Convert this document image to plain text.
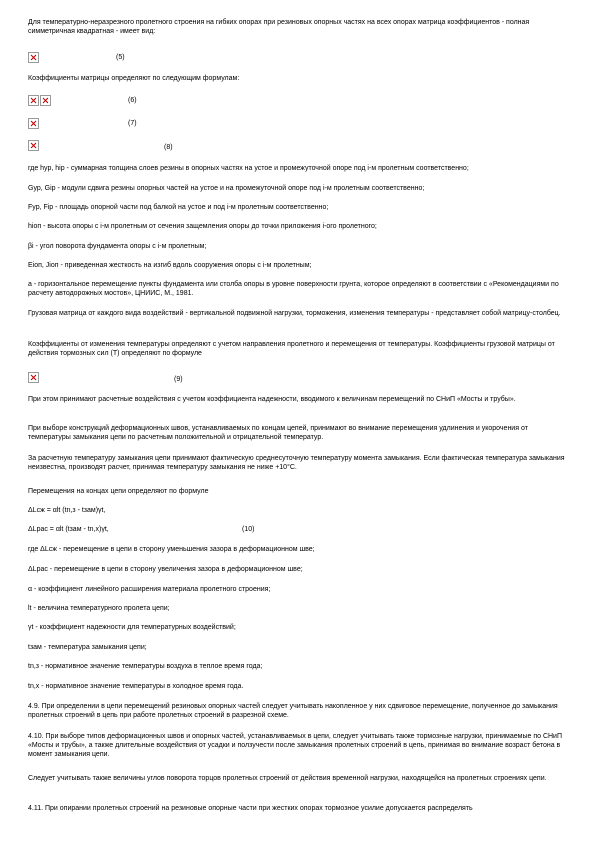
Для температурно-неразрезного пролетного строения на гибких опорах при резиновых опорных частях на всех опорах матрица коэффициентов - полная симметричная квадратная - имеет вид:

(5)

Коэффициенты матрицы определяют по следующим формулам:

(6)
(7)
(8)

где hур, hiр - суммарная толщина слоев резины в опорных частях на устое и промежуточной опоре под i-м пролетным соответственно;

Gур, Giр - модули сдвига резины опорных частей на устое и на промежуточной опоре под i-м пролетным соответственно;

Fур, Fiр - площадь опорной части под балкой на устое и под i-м пролетным соответственно;

hiоп - высота опоры с i-м пролетным от сечения защемления опоры до точки приложения i-ого пролетного;

βi - угол поворота фундамента опоры с i-м пролетным;

Eiоп, Jiоп - приведенная жесткость на изгиб вдоль сооружения опоры с i-м пролетным;

a - горизонтальное перемещение пункты фундамента или столба опоры в уровне поверхности грунта, которое определяют в соответствии с «Рекомендациями по расчету автодорожных мостов», ЦНИИС, М., 1981.

Грузовая матрица от каждого вида воздействий - вертикальной подвижной нагрузки, торможения, изменения температуры - представляет собой матрицу-столбец.

Коэффициенты от изменения температуры определяют с учетом направления пролетного и перемещения от температуры. Коэффициенты грузовой матрицы от действия тормозных сил (Т) определяют по формуле

(9)

При этом принимают расчетные воздействия с учетом коэффициента надежности, вводимого к величинам перемещений по СНиП «Мосты и трубы».

При выборе конструкций деформационных швов, устанавливаемых по концам цепей, принимают во внимание перемещения удлинения и укорочения от температуры замыкания цепи по расчетным положительной и отрицательной температур.

За расчетную температуру замыкания цепи принимают фактическую среднесуточную температуру момента замыкания. Если фактическая температура замыкания неизвестна, производят расчет, принимая температуру замыкания не ниже +10°С.

Перемещения на концах цепи определяют по формуле

ΔLсж = αlt (tn,з - tзам)γt,

ΔLрас = αlt (tзам - tn,х)γt,	(10)

где ΔLсж - перемещение в цепи в сторону уменьшения зазора в деформационном шве;

ΔLрас - перемещение в цепи в сторону увеличения зазора в деформационном шве;

α - коэффициент линейного расширения материала пролетного строения;

lt - величина температурного пролета цепи;

γt - коэффициент надежности для температурных воздействий;

tзам - температура замыкания цепи;

tn,з - нормативное значение температуры воздуха в теплое время года;

tn,х - нормативное значение температуры в холодное время года.

4.9. При определении в цепи перемещений резиновых опорных частей следует учитывать накопленное у них сдвиговое перемещение, полученное до замыкания пролетных строений в цепь при работе пролетных строений в разрезной схеме.

4.10. При выборе типов деформационных швов и опорных частей, устанавливаемых в цепи, следует учитывать также тормозные нагрузки, принимаемые по СНиП «Мосты и трубы», а также длительные воздействия от усадки и ползучести после замыкания пролетных строений в цепь, принимая во внимание возраст бетона в момент замыкания цепи.

Следует учитывать также величины углов поворота торцов пролетных строений от действия временной нагрузки, находящейся на пролетных строениях цепи.

4.11. При опирании пролетных строений на резиновые опорные части при жестких опорах тормозное усилие допускается распределять
